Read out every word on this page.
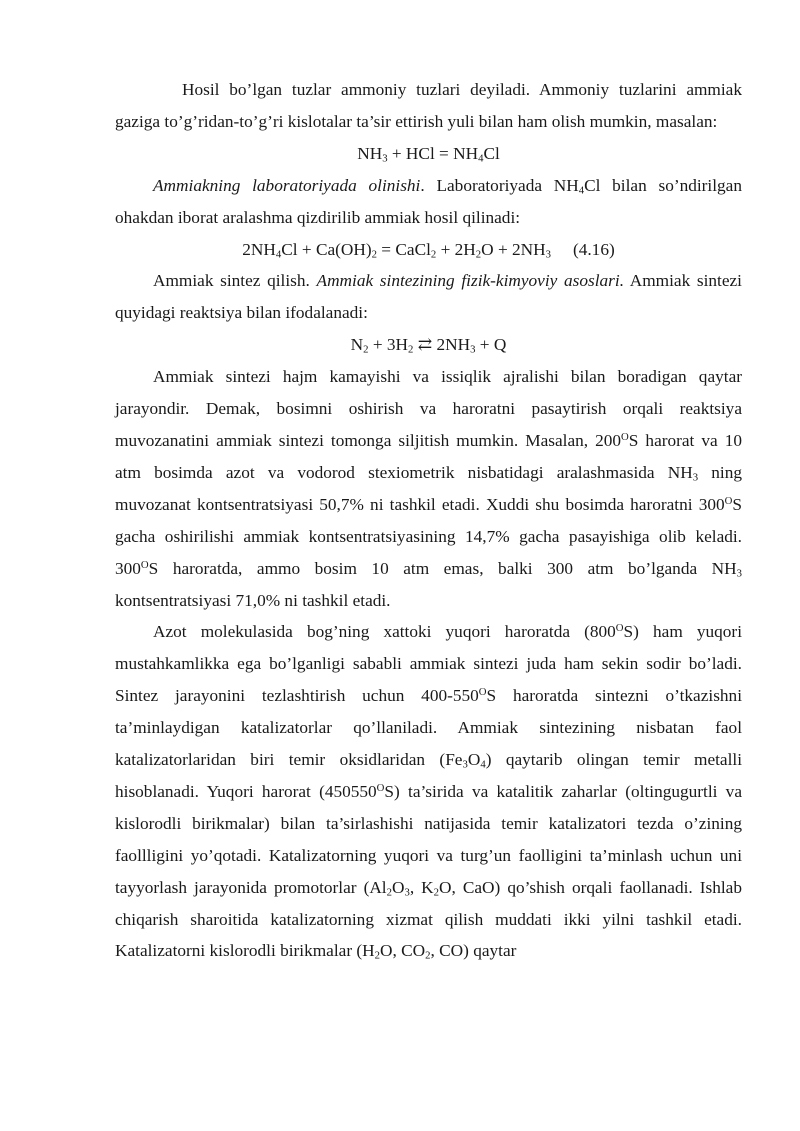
Hosil bo’lgan tuzlar ammoniy tuzlari deyiladi. Ammoniy tuzlarini ammiak gaziga to’g’ridan-to’g’ri kislotalar ta’sir ettirish yuli bilan ham olish mumkin, masalan:

$NH_3$ + HCl = $NH_4Cl$

Ammiakning laboratoriyada olinishi. Laboratoriyada $NH_4Cl$ bilan so’ndirilgan ohakdan iborat aralashma qizdirilib ammiak hosil qilinadi:

$2NH_4Cl + Ca(OH)_2$ = CaCl$_2$ + $2H_2O + 2NH_3$ (4.16)

Ammiak sintez qilish. Ammiak sintezining fizik-kimyoviy asoslari. Ammiak sintezi quyidagi reaktsiya bilan ifodalanadi:

$N_2 + 3H_2$ ⇄ $2NH_3 + Q$

Ammiak sintezi hajm kamayishi va issiqlik ajralishi bilan boradigan qaytar jarayondir. Demak, bosimni oshirish va haroratni pasaytirish orqali reaktsiya muvozanatini ammiak sintezi tomonga siljitish mumkin. Masalan, $200^OS$ harorat va 10 atm bosimda azot va vodorod stexiometrik nisbatidagi aralashmasida $NH_3$ ning muvozanat kontsentratsiyasi 50,7% ni tashkil etadi. Xuddi shu bosimda haroratni $300^OS$ gacha oshirilishi ammiak kontsentratsiyasining 14,7% gacha pasayishiga olib keladi. $300^OS$ haroratda, ammo bosim 10 atm emas, balki 300 atm bo’lganda $NH_3$ kontsentratsiyasi 71,0% ni tashkil etadi.

Azot molekulasida bog’ning xattoki yuqori haroratda $(800^OS)$ ham yuqori mustahkamlikka ega bo’lganligi sababli ammiak sintezi juda ham sekin sodir bo’ladi. Sintez jarayonini tezlashtirish uchun $400-550^OS$ haroratda sintezni o’tkazishni ta’minlaydigan katalizatorlar qo’llaniladi. Ammiak sintezining nisbatan faol katalizatorlaridan biri temir oksidlaridan $(Fe_3O_4)$ qaytarib olingan temir metalli hisoblanadi. Yuqori harorat $(450550^OS)$ ta’sirida va katalitik zaharlar (oltingugurtli va kislorodli birikmalar) bilan ta’sirlashishi natijasida temir katalizatori tezda o’zining faollligini yo’qotadi. Katalizatorning yuqori va turg’un faolligini ta’minlash uchun uni tayyorlash jarayonida promotorlar ($Al_2O_3$, $K_2O$, CaO) qo’shish orqali faollanadi. Ishlab chiqarish sharoitida katalizatorning xizmat qilish muddati ikki yilni tashkil etadi. Katalizatorni kislorodli birikmalar ($H_2O$, $CO_2$, CO) qaytar
